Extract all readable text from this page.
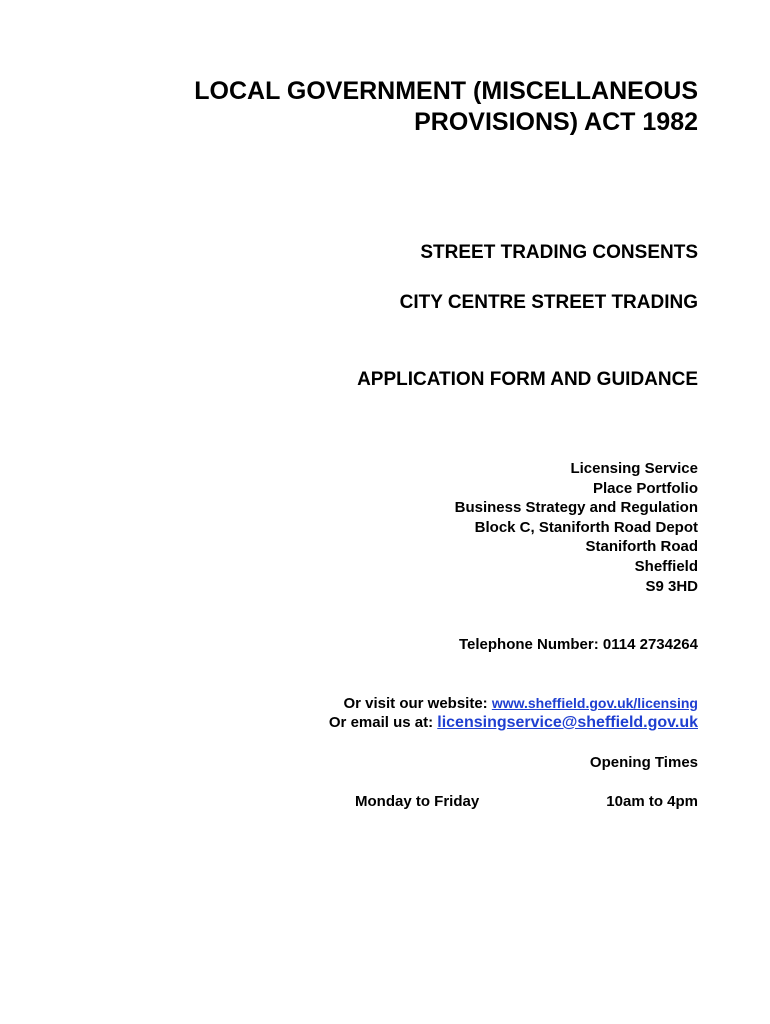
LOCAL GOVERNMENT (MISCELLANEOUS
PROVISIONS) ACT 1982
STREET TRADING CONSENTS
CITY CENTRE STREET TRADING
APPLICATION FORM AND GUIDANCE
Licensing Service
Place Portfolio
Business Strategy and Regulation
Block C, Staniforth Road Depot
Staniforth Road
Sheffield
S9 3HD
Telephone Number: 0114 2734264
Or visit our website: www.sheffield.gov.uk/licensing
Or email us at: licensingservice@sheffield.gov.uk
Opening Times
Monday to Friday	10am to 4pm
